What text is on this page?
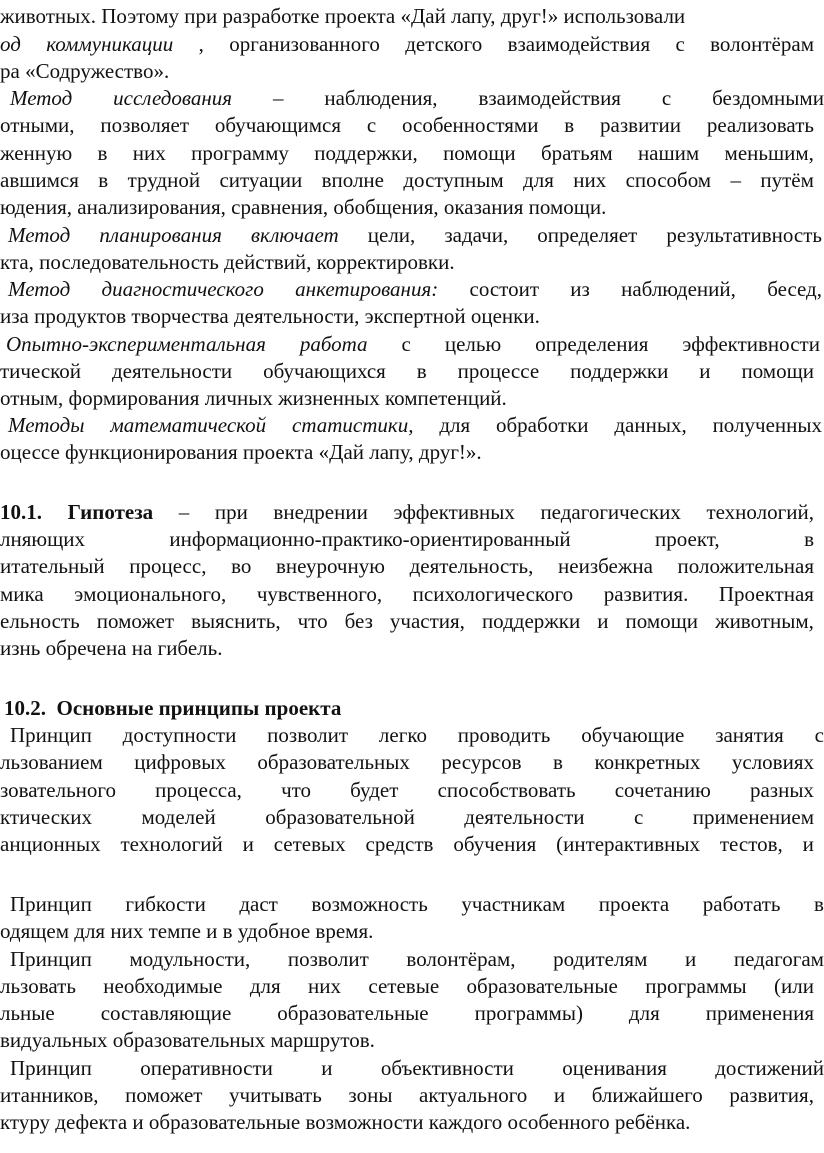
животных. Поэтому при разработке проекта «Дай лапу, друг!» использовали
од коммуникации , организованного детского взаимодействия с волонтёрам
ра «Содружество».
Метод исследования – наблюдения, взаимодействия с бездомными
отными, позволяет обучающимся с особенностями в развитии реализовать
женную в них программу поддержки, помощи братьям нашим меньшим,
авшимся в трудной ситуации вполне доступным для них способом – путём
юдения, анализирования, сравнения, обобщения, оказания помощи.
Метод планирования включает цели, задачи, определяет результативность
кта, последовательность действий, корректировки.
Метод диагностического анкетирования: состоит из наблюдений, бесед,
иза продуктов творчества деятельности, экспертной оценки.
Опытно-экспериментальная работа с целью определения эффективности
тической деятельности обучающихся в процессе поддержки и помощи
отным, формирования личных жизненных компетенций.
Методы математической статистики, для обработки данных, полученных
оцессе функционирования проекта «Дай лапу, друг!».
10.1. Гипотеза – при внедрении эффективных педагогических технологий,
лняющих	информационно-практико-ориентированный	проект,	в
итательный процесс, во внеурочную деятельность, неизбежна положительная
мика эмоционального, чувственного, психологического развития. Проектная
ельность поможет выяснить, что без участия, поддержки и помощи животным,
изнь обречена на гибель.
10.2.  Основные принципы проекта
Принцип доступности позволит легко проводить обучающие занятия с
льзованием цифровых образовательных ресурсов в конкретных условиях
зовательного процесса, что будет способствовать сочетанию разных
ктических моделей образовательной деятельности с применением
анционных технологий и сетевых средств обучения (интерактивных тестов, и
Принцип гибкости даст возможность участникам проекта работать в
одящем для них темпе и в удобное время.
Принцип модульности, позволит волонтёрам, родителям и педагогам
льзовать необходимые для них сетевые образовательные программы (или
льные составляющие образовательные программы) для применения
видуальных образовательных маршрутов.
Принцип оперативности и объективности оценивания достижений
итанников, поможет учитывать зоны актуального и ближайшего развития,
ктуру дефекта и образовательные возможности каждого особенного ребёнка.
